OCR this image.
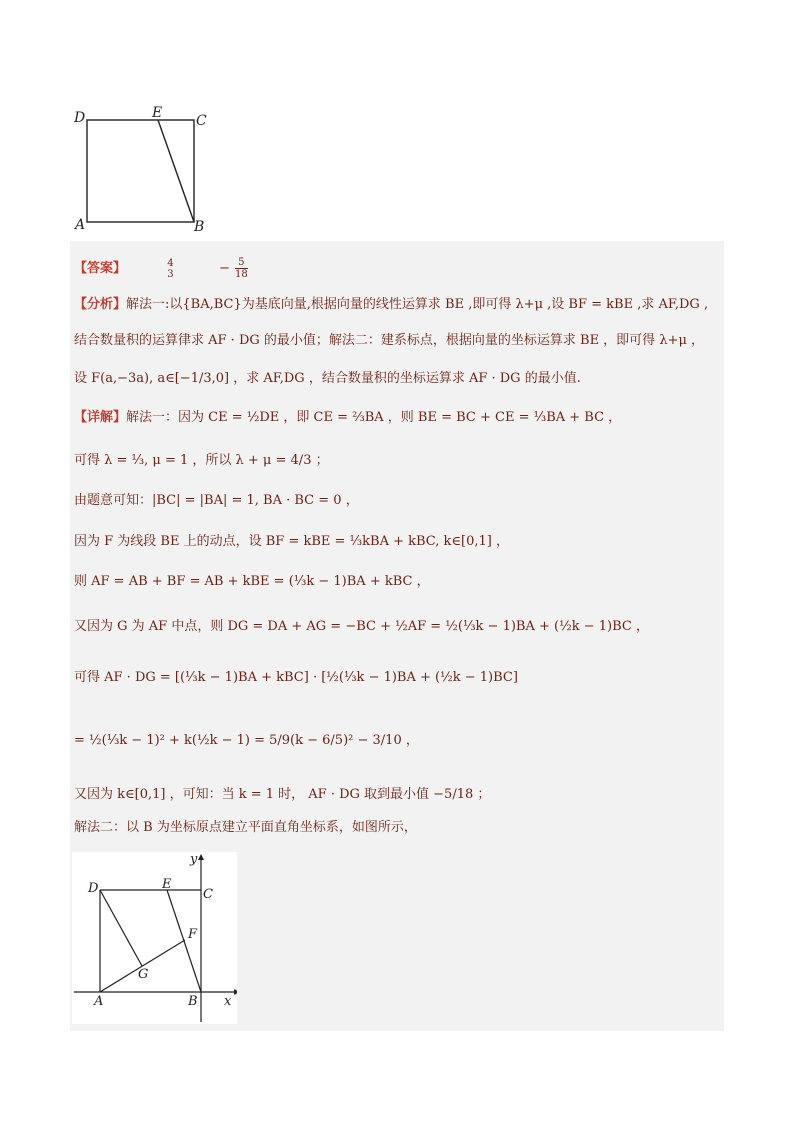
D	E C
A	B
【答案】	4
3	− $\frac{5}{18}$
【分析】解法一:以{BA,BC}为基底向量,根据向量的线性运算求 BE ,即可得 λ+μ ,设 BF = kBE ,求 AF,DG ,
结合数量积的运算律求 AF · DG 的最小值；解法二：建系标点，根据向量的坐标运算求 BE ，即可得 λ+μ ，
设 F(a,−3a), a∈[−1/3,0] ，求 AF,DG ，结合数量积的坐标运算求 AF · DG 的最小值.
【详解】解法一：因为 CE = ½DE ，即 CE = ⅔BA ，则 BE = BC + CE = ⅓BA + BC ，
可得 λ = ⅓, μ = 1 ，所以 λ + μ = 4/3 ；
由题意可知：|BC| = |BA| = 1, BA · BC = 0 ，
因为 F 为线段 BE 上的动点，设 BF = kBE = ⅓kBA + kBC, k∈[0,1] ，
则 AF = AB + BF = AB + kBE = (⅓k − 1)BA + kBC ，
又因为 G 为 AF 中点，则 DG = DA + AG = −BC + ½AF = ½(⅓k − 1)BA + (½k − 1)BC ，
可得 AF · DG = [(⅓k − 1)BA + kBC] · [½(⅓k − 1)BA + (½k − 1)BC]
= ½(⅓k − 1)² + k(½k − 1) = 5/9(k − 6/5)² − 3/10 ，
又因为 k∈[0,1] ，可知：当 k = 1 时， AF · DG 取到最小值 −5/18 ；
解法二：以 B 为坐标原点建立平面直角坐标系，如图所示，
y
x
D	E
C
F
G
A	B
